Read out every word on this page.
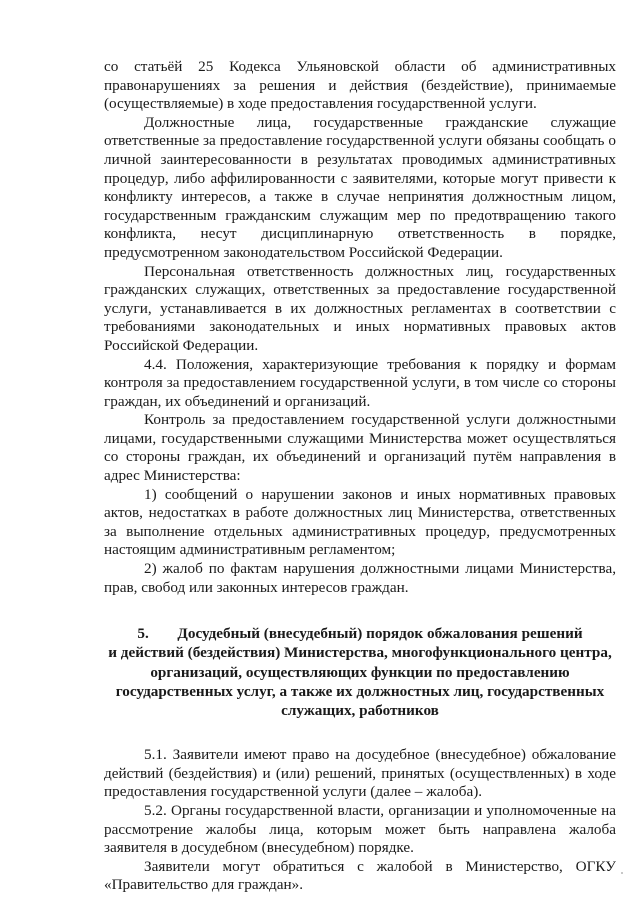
со статьёй 25 Кодекса Ульяновской области об административных правонарушениях за решения и действия (бездействие), принимаемые (осуществляемые) в ходе предоставления государственной услуги.

Должностные лица, государственные гражданские служащие ответственные за предоставление государственной услуги обязаны сообщать о личной заинтересованности в результатах проводимых административных процедур, либо аффилированности с заявителями, которые могут привести к конфликту интересов, а также в случае непринятия должностным лицом, государственным гражданским служащим мер по предотвращению такого конфликта, несут дисциплинарную ответственность в порядке, предусмотренном законодательством Российской Федерации.

Персональная ответственность должностных лиц, государственных гражданских служащих, ответственных за предоставление государственной услуги, устанавливается в их должностных регламентах в соответствии с требованиями законодательных и иных нормативных правовых актов Российской Федерации.

4.4. Положения, характеризующие требования к порядку и формам контроля за предоставлением государственной услуги, в том числе со стороны граждан, их объединений и организаций.

Контроль за предоставлением государственной услуги должностными лицами, государственными служащими Министерства может осуществляться со стороны граждан, их объединений и организаций путём направления в адрес Министерства:

1) сообщений о нарушении законов и иных нормативных правовых актов, недостатках в работе должностных лиц Министерства, ответственных за выполнение отдельных административных процедур, предусмотренных настоящим административным регламентом;

2) жалоб по фактам нарушения должностными лицами Министерства, прав, свобод или законных интересов граждан.

5. Досудебный (внесудебный) порядок обжалования решений
и действий (бездействия) Министерства, многофункционального центра, организаций, осуществляющих функции по предоставлению государственных услуг, а также их должностных лиц, государственных служащих, работников

5.1. Заявители имеют право на досудебное (внесудебное) обжалование действий (бездействия) и (или) решений, принятых (осуществленных) в ходе предоставления государственной услуги (далее – жалоба).

5.2. Органы государственной власти, организации и уполномоченные на рассмотрение жалобы лица, которым может быть направлена жалоба заявителя в досудебном (внесудебном) порядке.

Заявители могут обратиться с жалобой в Министерство, ОГКУ «Правительство для граждан».
